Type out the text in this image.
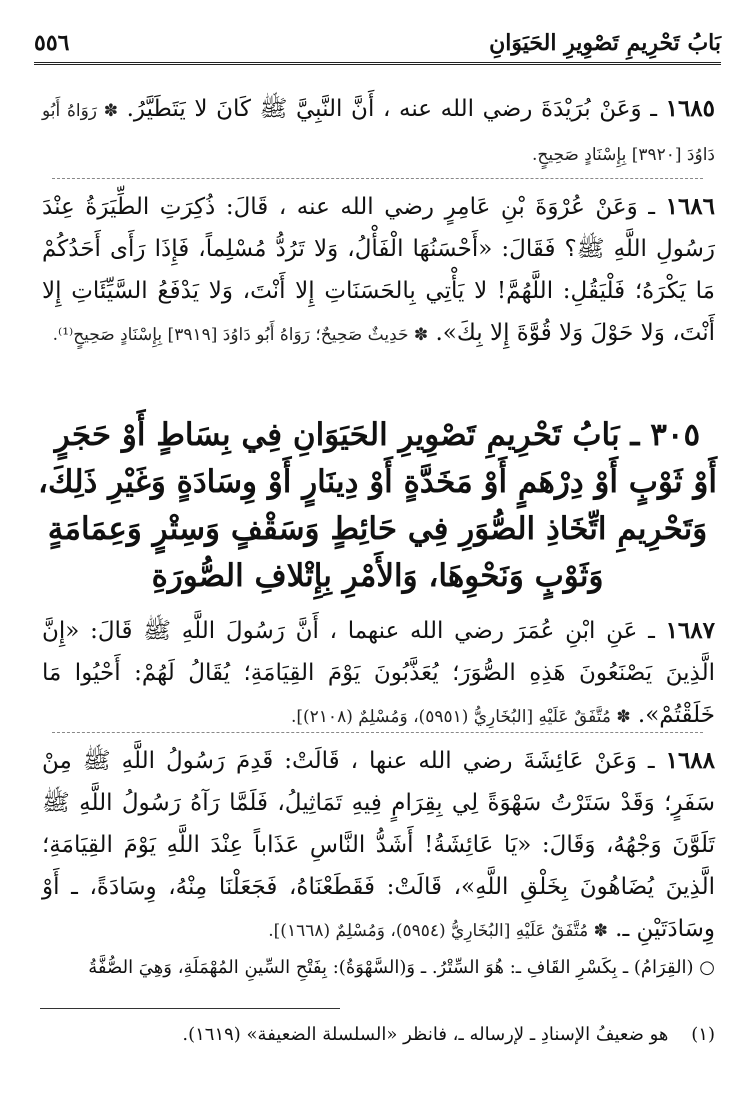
بَابُ تَحْرِيمِ تَصْوِيرِ الحَيَوَانِ
٥٥٦
١٦٨٥ ـ وَعَنْ بُرَيْدَةَ رضي الله عنه ، أَنَّ النَّبِيَّ ﷺ كَانَ لا يَتَطَيَّرُ. ✽ رَوَاهُ أَبُو دَاوُدَ [٣٩٢٠] بِإِسْنَادٍ صَحِيحٍ.
١٦٨٦ ـ وَعَنْ عُرْوَةَ بْنِ عَامِرٍ رضي الله عنه ، قَالَ: ذُكِرَتِ الطِّيَرَةُ عِنْدَ رَسُولِ اللَّهِ ﷺ؟ فَقَالَ: «أَحْسَنُهَا الْفَأْلُ، وَلا تَرُدُّ مُسْلِماً، فَإِذَا رَأَى أَحَدُكُمْ مَا يَكْرَهُ؛ فَلْيَقُلِ: اللَّهُمَّ! لا يَأْتِي بِالحَسَنَاتِ إِلا أَنْتَ، وَلا يَدْفَعُ السَّيِّئَاتِ إِلا أَنْتَ، وَلا حَوْلَ وَلا قُوَّةَ إِلا بِكَ». ✽ حَدِيثٌ صَحِيحٌ؛ رَوَاهُ أَبُو دَاوُدَ [٣٩١٩] بِإِسْنَادٍ صَحِيحٍ⁽¹⁾.
٣٠٥ ـ بَابُ تَحْرِيمِ تَصْوِيرِ الحَيَوَانِ فِي بِسَاطٍ أَوْ حَجَرٍ أَوْ ثَوْبٍ أَوْ دِرْهَمٍ أَوْ مَخَدَّةٍ أَوْ دِينَارٍ أَوْ وِسَادَةٍ وَغَيْرِ ذَلِكَ، وَتَحْرِيمِ اتِّخَاذِ الصُّوَرِ فِي حَائِطٍ وَسَقْفٍ وَسِتْرٍ وَعِمَامَةٍ وَثَوْبٍ وَنَحْوِهَا، وَالأَمْرِ بِإِتْلافِ الصُّورَةِ
١٦٨٧ ـ عَنِ ابْنِ عُمَرَ رضي الله عنهما ، أَنَّ رَسُولَ اللَّهِ ﷺ قَالَ: «إِنَّ الَّذِينَ يَصْنَعُونَ هَذِهِ الصُّوَرَ؛ يُعَذَّبُونَ يَوْمَ القِيَامَةِ؛ يُقَالُ لَهُمْ: أَحْيُوا مَا خَلَقْتُمْ». ✽ مُتَّفَقٌ عَلَيْهِ [البُخَارِيُّ (٥٩٥١)، وَمُسْلِمٌ (٢١٠٨)].
١٦٨٨ ـ وَعَنْ عَائِشَةَ رضي الله عنها ، قَالَتْ: قَدِمَ رَسُولُ اللَّهِ ﷺ مِنْ سَفَرٍ؛ وَقَدْ سَتَرْتُ سَهْوَةً لِي بِقِرَامٍ فِيهِ تَمَاثِيلُ، فَلَمَّا رَآهُ رَسُولُ اللَّهِ ﷺ تَلَوَّنَ وَجْهُهُ، وَقَالَ: «يَا عَائِشَةُ! أَشَدُّ النَّاسِ عَذَاباً عِنْدَ اللَّهِ يَوْمَ القِيَامَةِ؛ الَّذِينَ يُضَاهُونَ بِخَلْقِ اللَّهِ»، قَالَتْ: فَقَطَعْنَاهُ، فَجَعَلْنَا مِنْهُ، وِسَادَةً، ـ أَوْ وِسَادَتَيْنِ ـ. ✽ مُتَّفَقٌ عَلَيْهِ [البُخَارِيُّ (٥٩٥٤)، وَمُسْلِمٌ (١٦٦٨)].
○ (القِرَامُ) ـ بِكَسْرِ القَافِ ـ: هُوَ السِّتْرُ. ـ وَ(السَّهْوَةُ): بِفَتْحِ السِّينِ المُهْمَلَةِ، وَهِيَ الصُّفَّةُ
(١)    هو ضعيفُ الإسنادِ ـ لإرساله ـ، فانظر «السلسلة الضعيفة» (١٦١٩).
